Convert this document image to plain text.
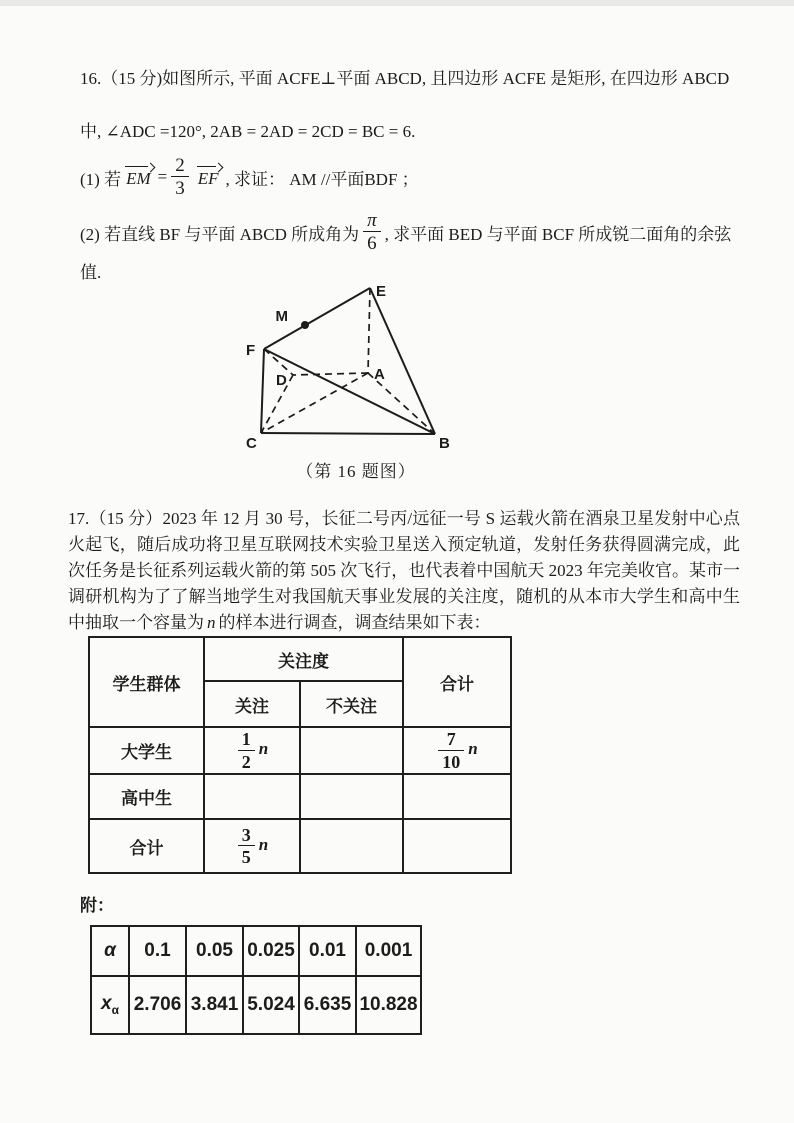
16.（15 分)如图所示, 平面 ACFE⊥平面 ABCD, 且四边形 ACFE 是矩形, 在四边形 ABCD
中, ∠ADC =120°, 2AB = 2AD = 2CD = BC = 6.
(1) 若 EM = $\frac{2}{3}$ EF , 求证： AM //平面BDF ；
(2) 若直线 BF 与平面 ABCD 所成角为 $\frac{\pi}{6}$ , 求平面 BED 与平面 BCF 所成锐二面角的余弦
值.
E
M
F
D	A
C	B
（第 16 题图）
17.（15 分）2023 年 12 月 30 号，长征二号丙/远征一号 S 运载火箭在酒泉卫星发射中心点火起飞，随后成功将卫星互联网技术实验卫星送入预定轨道，发射任务获得圆满完成，此次任务是长征系列运载火箭的第 505 次飞行，也代表着中国航天 2023 年完美收官。某市一调研机构为了了解当地学生对我国航天事业发展的关注度，随机的从本市大学生和高中生中抽取一个容量为 n 的样本进行调查，调查结果如下表：
学生群体	关注度		合计
	关注	不关注	
大学生	$\frac{1}{2}$ n		$\frac{7}{10}$ n
高中生			
合计	$\frac{3}{5}$ n		
附：
α	0.1	0.05	0.025	0.01	0.001
$x_\alpha$	2.706	3.841	5.024	6.635	10.828
